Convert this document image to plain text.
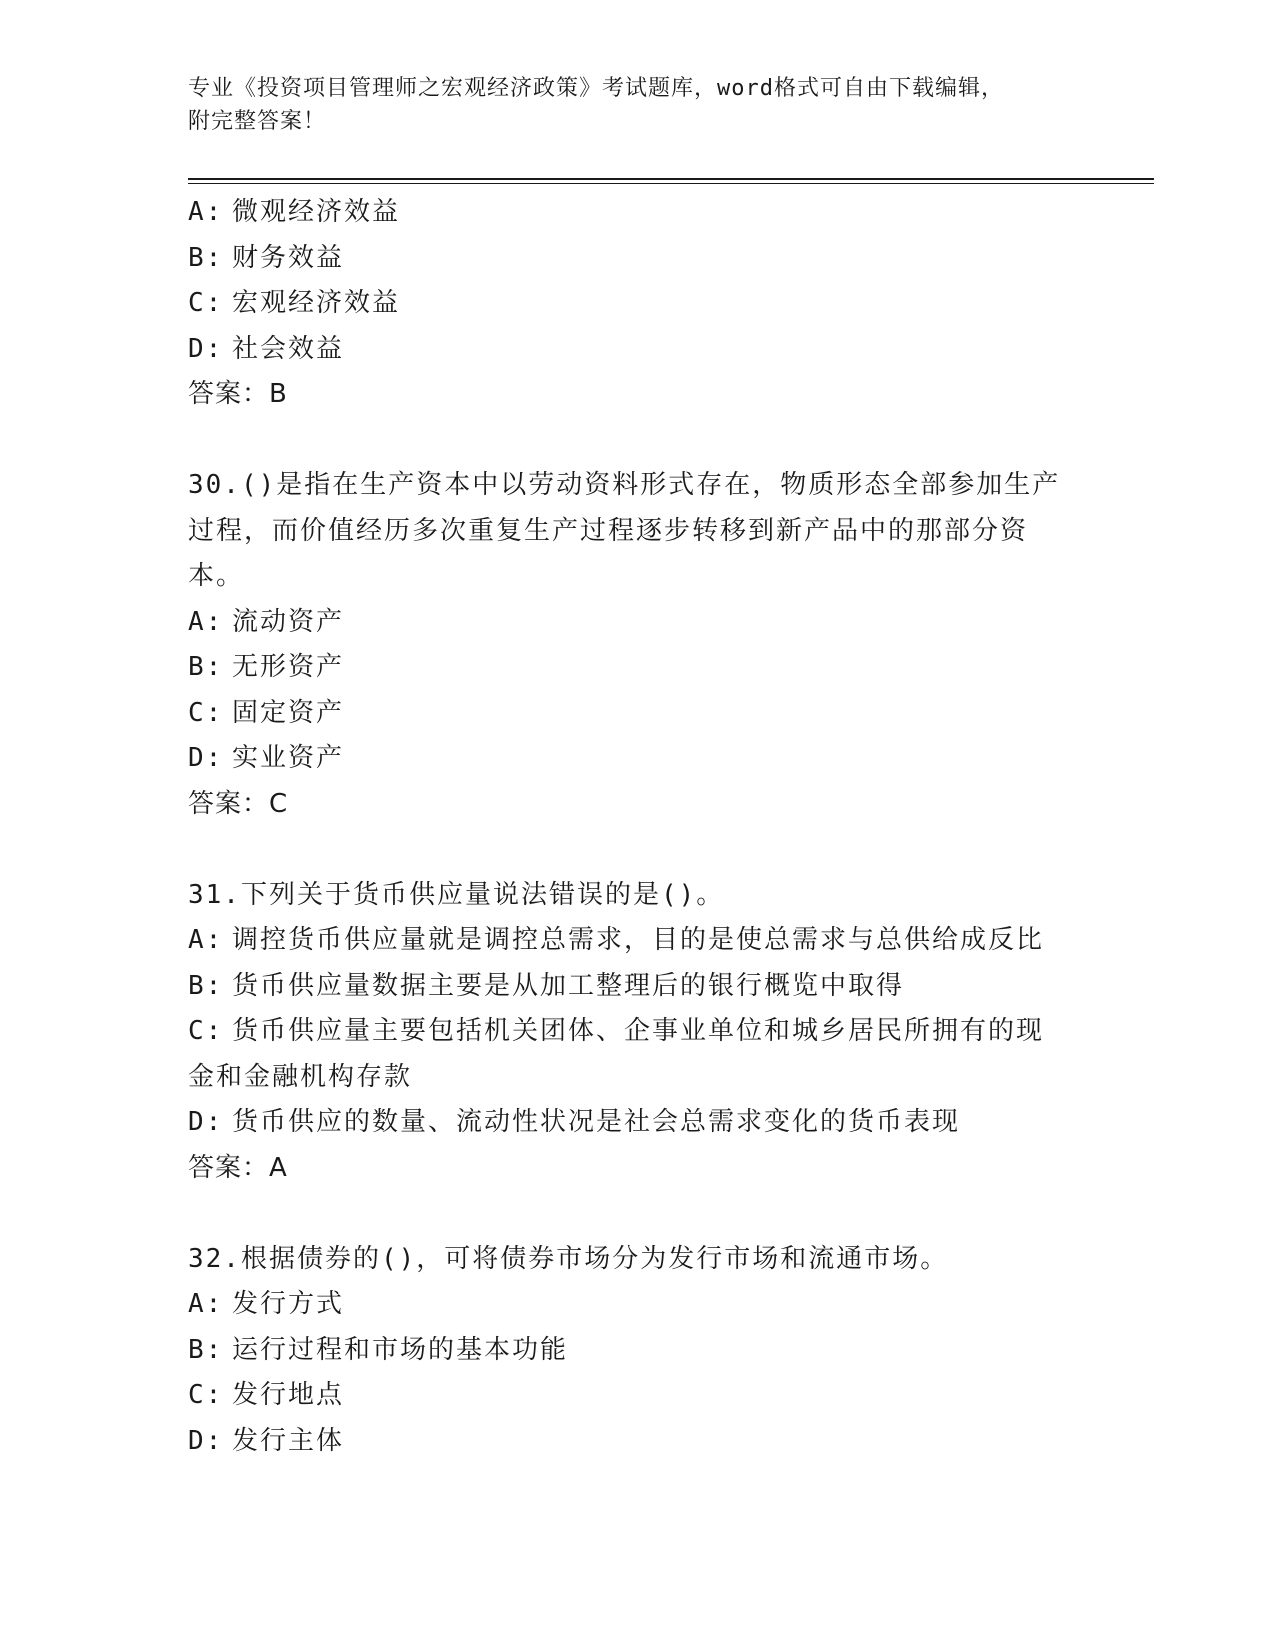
专业《投资项目管理师之宏观经济政策》考试题库，word格式可自由下载编辑，
附完整答案！
A: 微观经济效益
B: 财务效益
C: 宏观经济效益
D: 社会效益
答案：B
30.()是指在生产资本中以劳动资料形式存在，物质形态全部参加生产
过程，而价值经历多次重复生产过程逐步转移到新产品中的那部分资
本。
A: 流动资产
B: 无形资产
C: 固定资产
D: 实业资产
答案：C
31.下列关于货币供应量说法错误的是()。
A: 调控货币供应量就是调控总需求，目的是使总需求与总供给成反比
B: 货币供应量数据主要是从加工整理后的银行概览中取得
C: 货币供应量主要包括机关团体、企事业单位和城乡居民所拥有的现
金和金融机构存款
D: 货币供应的数量、流动性状况是社会总需求变化的货币表现
答案：A
32.根据债券的()，可将债券市场分为发行市场和流通市场。
A: 发行方式
B: 运行过程和市场的基本功能
C: 发行地点
D: 发行主体
